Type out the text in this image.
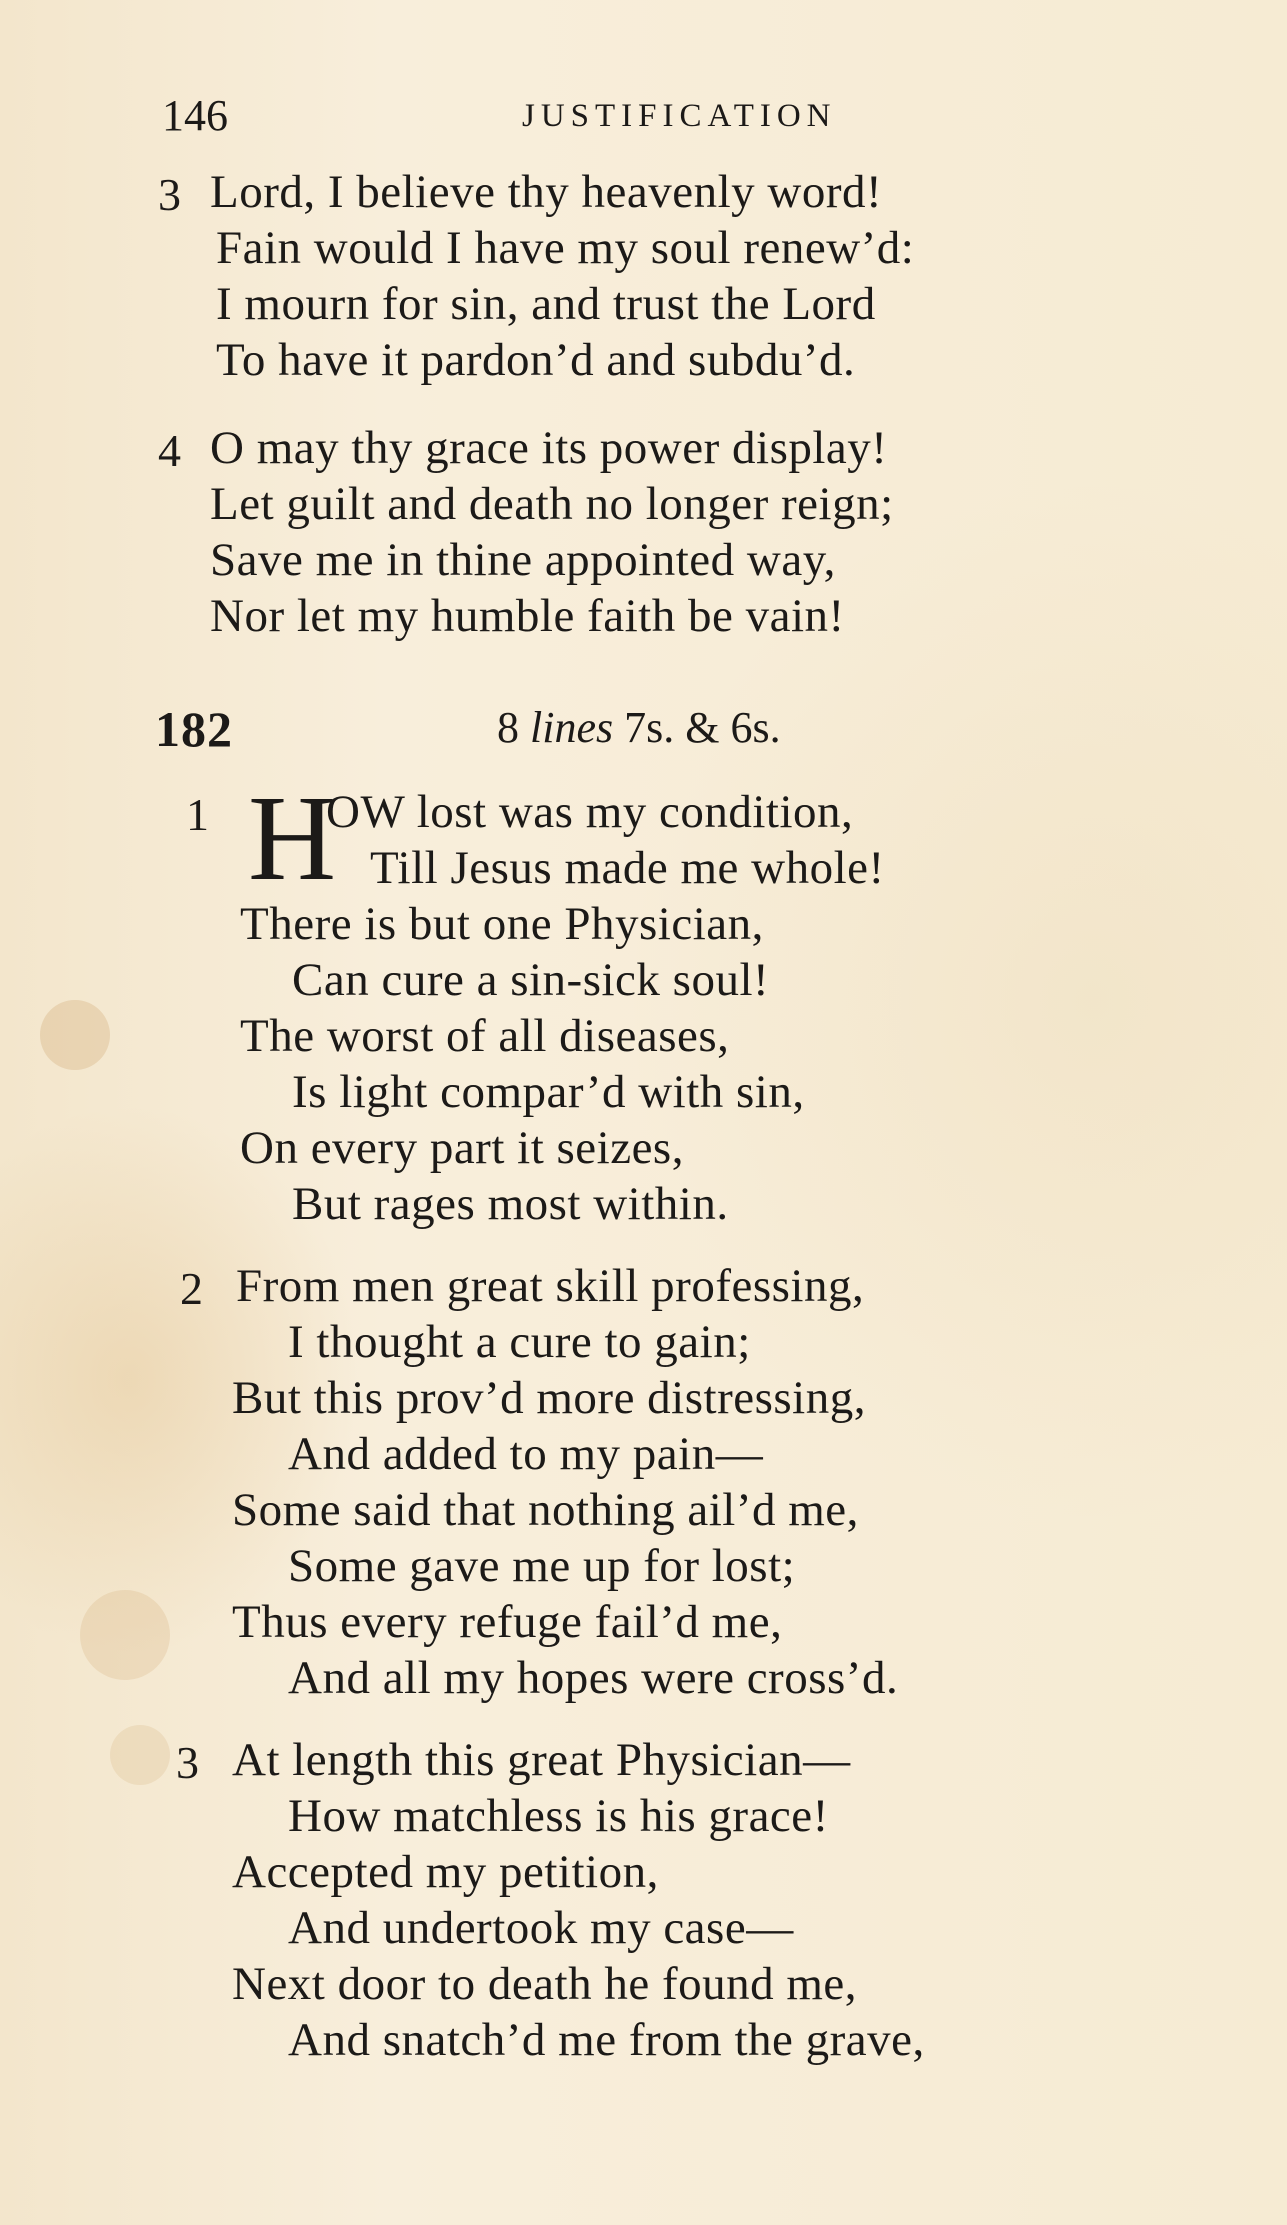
146	JUSTIFICATION
3 Lord, I believe thy heavenly word!
Fain would I have my soul renew’d:
I mourn for sin, and trust the Lord
To have it pardon’d and subdu’d.
4 O may thy grace its power display!
Let guilt and death no longer reign;
Save me in thine appointed way,
Nor let my humble faith be vain!
182	8 lines 7s. & 6s.
1 H
OW lost was my condition,
Till Jesus made me whole!
There is but one Physician,
Can cure a sin-sick soul!
The worst of all diseases,
Is light compar’d with sin,
On every part it seizes,
But rages most within.
2 From men great skill professing,
I thought a cure to gain;
But this prov’d more distressing,
And added to my pain—
Some said that nothing ail’d me,
Some gave me up for lost;
Thus every refuge fail’d me,
And all my hopes were cross’d.
3 At length this great Physician—
How matchless is his grace!
Accepted my petition,
And undertook my case—
Next door to death he found me,
And snatch’d me from the grave,
